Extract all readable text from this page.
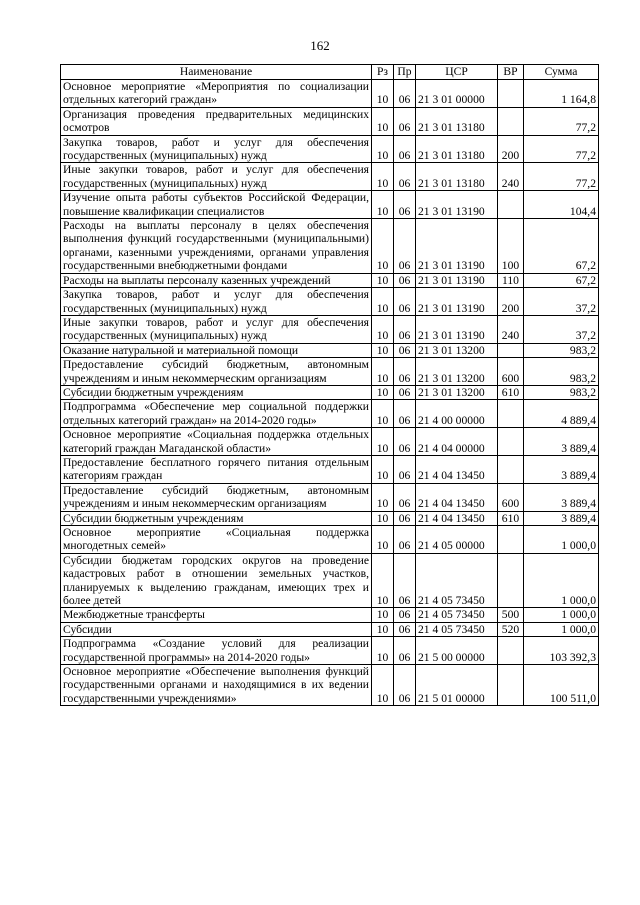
162
Наименование	Рз	Пр	ЦСР	ВР	Сумма
Основное мероприятие «Мероприятия по социализации отдельных категорий граждан»	10	06	21 3 01 00000		1 164,8
Организация проведения предварительных медицинских осмотров	10	06	21 3 01 13180		77,2
Закупка товаров, работ и услуг для обеспечения государственных (муниципальных) нужд	10	06	21 3 01 13180	200	77,2
Иные закупки товаров, работ и услуг для обеспечения государственных (муниципальных) нужд	10	06	21 3 01 13180	240	77,2
Изучение опыта работы субъектов Российской Федерации, повышение квалификации специалистов	10	06	21 3 01 13190		104,4
Расходы на выплаты персоналу в целях обеспечения выполнения функций государственными (муниципальными) органами, казенными учреждениями, органами управления государственными внебюджетными фондами	10	06	21 3 01 13190	100	67,2
Расходы на выплаты персоналу казенных учреждений	10	06	21 3 01 13190	110	67,2
Закупка товаров, работ и услуг для обеспечения государственных (муниципальных) нужд	10	06	21 3 01 13190	200	37,2
Иные закупки товаров, работ и услуг для обеспечения государственных (муниципальных) нужд	10	06	21 3 01 13190	240	37,2
Оказание натуральной и материальной помощи	10	06	21 3 01 13200		983,2
Предоставление субсидий бюджетным, автономным учреждениям и иным некоммерческим организациям	10	06	21 3 01 13200	600	983,2
Субсидии бюджетным учреждениям	10	06	21 3 01 13200	610	983,2
Подпрограмма «Обеспечение мер социальной поддержки отдельных категорий граждан» на 2014-2020 годы»	10	06	21 4 00 00000		4 889,4
Основное мероприятие «Социальная поддержка отдельных категорий граждан Магаданской области»	10	06	21 4 04 00000		3 889,4
Предоставление бесплатного горячего питания отдельным категориям граждан	10	06	21 4 04 13450		3 889,4
Предоставление субсидий бюджетным, автономным учреждениям и иным некоммерческим организациям	10	06	21 4 04 13450	600	3 889,4
Субсидии бюджетным учреждениям	10	06	21 4 04 13450	610	3 889,4
Основное мероприятие «Социальная поддержка многодетных семей»	10	06	21 4 05 00000		1 000,0
Субсидии бюджетам городских округов на проведение кадастровых работ в отношении земельных участков, планируемых к выделению гражданам, имеющих трех и более детей	10	06	21 4 05 73450		1 000,0
Межбюджетные трансферты	10	06	21 4 05 73450	500	1 000,0
Субсидии	10	06	21 4 05 73450	520	1 000,0
Подпрограмма «Создание условий для реализации государственной программы» на 2014-2020 годы»	10	06	21 5 00 00000		103 392,3
Основное мероприятие «Обеспечение выполнения функций государственными органами и находящимися в их ведении государственными учреждениями»	10	06	21 5 01 00000		100 511,0
